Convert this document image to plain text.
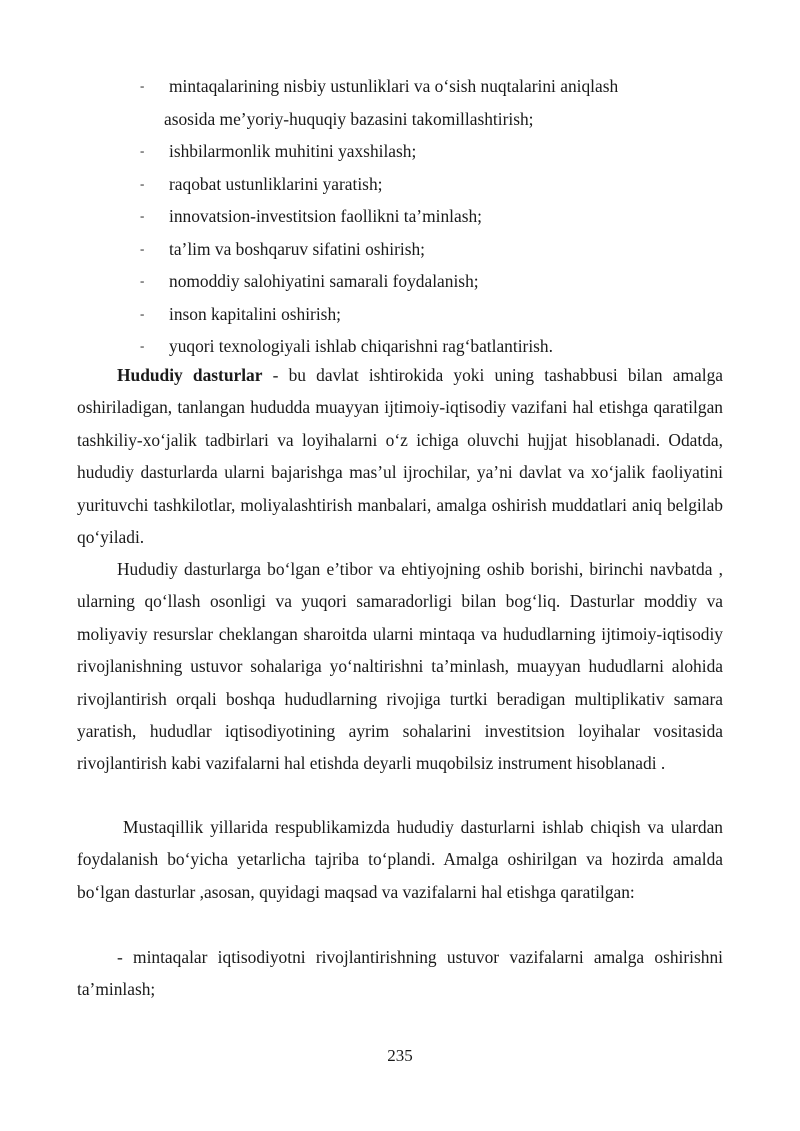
- mintaqalarining nisbiy ustunliklari va o‘sish nuqtalarini aniqlash
asosida me’yoriy-huquqiy bazasini takomillashtirish;
- ishbilarmonlik muhitini yaxshilash;
- raqobat ustunliklarini yaratish;
- innovatsion-investitsion faollikni ta’minlash;
- ta’lim va boshqaruv sifatini oshirish;
- nomoddiy salohiyatini samarali foydalanish;
- inson kapitalini oshirish;
- yuqori texnologiyali ishlab chiqarishni rag‘batlantirish.

Hududiy dasturlar - bu davlat ishtirokida yoki uning tashabbusi bilan amalga oshiriladigan, tanlangan hududda muayyan ijtimoiy-iqtisodiy vazifani hal etishga qaratilgan tashkiliy-xo‘jalik tadbirlari va loyihalarni o‘z ichiga oluvchi hujjat hisoblanadi. Odatda, hududiy dasturlarda ularni bajarishga mas’ul ijrochilar, ya’ni davlat va xo‘jalik faoliyatini yurituvchi tashkilotlar, moliyalashtirish manbalari, amalga oshirish muddatlari aniq belgilab qo‘yiladi.

Hududiy dasturlarga bo‘lgan e’tibor va ehtiyojning oshib borishi, birinchi navbatda , ularning qo‘llash osonligi va yuqori samaradorligi bilan bog‘liq. Dasturlar moddiy va moliyaviy resurslar cheklangan sharoitda ularni mintaqa va hududlarning ijtimoiy-iqtisodiy rivojlanishning ustuvor sohalariga yo‘naltirishni ta’minlash, muayyan hududlarni alohida rivojlantirish orqali boshqa hududlarning rivojiga turtki beradigan multiplikativ samara yaratish, hududlar iqtisodiyotining ayrim sohalarini investitsion loyihalar vositasida rivojlantirish kabi vazifalarni hal etishda deyarli muqobilsiz instrument hisoblanadi .

Mustaqillik yillarida respublikamizda hududiy dasturlarni ishlab chiqish va ulardan foydalanish bo‘yicha yetarlicha tajriba to‘plandi. Amalga oshirilgan va hozirda amalda bo‘lgan dasturlar ,asosan, quyidagi maqsad va vazifalarni hal etishga qaratilgan:

- mintaqalar iqtisodiyotni rivojlantirishning ustuvor vazifalarni amalga oshirishni ta’minlash;

235
